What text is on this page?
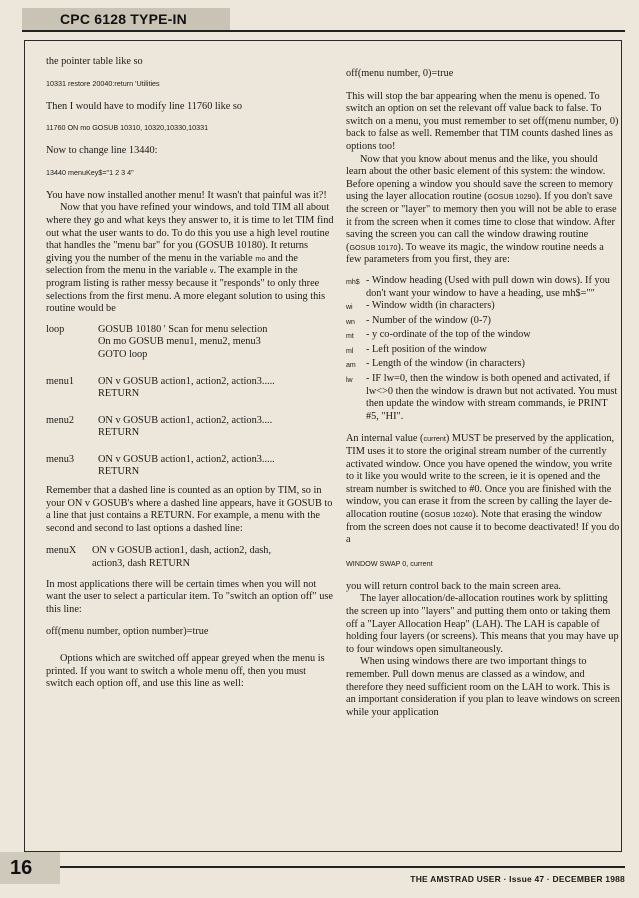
CPC 6128 TYPE-IN

the pointer table like so

10331 restore 20040:return 'Utilities

Then I would have to modify line 11760 like so

11760 ON mo GOSUB 10310, 10320,10330,10331

Now to change line 13440:

13440 menuKey$="1 2 3 4"

You have now installed another menu! It wasn't that painful was it?!

Now that you have refined your windows, and told TIM all about where they go and what keys they answer to, it is time to let TIM find out what the user wants to do. To do this you use a high level routine that handles the "menu bar" for you (GOSUB 10180). It returns giving you the number of the menu in the variable mo and the selection from the menu in the variable v. The example in the program listing is rather messy because it "responds" to only three selections from the first menu. A more elegant solution to using this routine would be

loop	GOSUB 10180 ' Scan for menu selection
On mo GOSUB menu1, menu2, menu3
GOTO loop

menu1	ON v GOSUB action1, action2, action3.....
RETURN

menu2	ON v GOSUB action1, action2, action3....
RETURN

menu3	ON v GOSUB action1, action2, action3.....
RETURN

Remember that a dashed line is counted as an option by TIM, so in your ON v GOSUB's where a dashed line appears, have it GOSUB to a line that just contains a RETURN. For example, a menu with the second and second to last options a dashed line:

menuX	ON v GOSUB action1, dash, action2, dash,
action3, dash RETURN

In most applications there will be certain times when you will not want the user to select a particular item. To "switch an option off" use this line:

off(menu number, option number)=true

Options which are switched off appear greyed when the menu is printed. If you want to switch a whole menu off, then you must switch each option off, and use this line as well:

off(menu number, 0)=true

This will stop the bar appearing when the menu is opened. To switch an option on set the relevant off value back to false. To switch on a menu, you must remember to set off(menu number, 0) back to false as well. Remember that TIM counts dashed lines as options too!

Now that you know about menus and the like, you should learn about the other basic element of this system: the window. Before opening a window you should save the screen to memory using the layer allocation routine (GOSUB 10290). If you don't save the screen or "layer" to memory then you will not be able to erase it from the screen when it comes time to close that window. After saving the screen you can call the window drawing routine (GOSUB 10170). To weave its magic, the window routine needs a few parameters from you first, they are:

mh$	- Window heading (Used with pull down win dows). If you don't want your window to have a heading, use mh$=""
wi	- Window width (in characters)
wn	- Number of the window (0-7)
mt	- y co-ordinate of the top of the window
ml	- Left position of the window
am	- Length of the window (in characters)
lw	- IF lw=0, then the window is both opened and activated, if lw<>0 then the window is drawn but not activated. You must then update the window with stream commands, ie PRINT #5, "HI".

An internal value (current) MUST be preserved by the application, TIM uses it to store the original stream number of the currently activated window. Once you have opened the window, you write to it like you would write to the screen, ie it is opened and the stream number is switched to #0. Once you are finished with the window, you can erase it from the screen by calling the layer de-allocation routine (GOSUB 10240). Note that erasing the window from the screen does not cause it to become deactivated! If you do a

WINDOW SWAP 0, current

you will return control back to the main screen area.

The layer allocation/de-allocation routines work by splitting the screen up into "layers" and putting them onto or taking them off a "Layer Allocation Heap" (LAH). The LAH is capable of holding four layers (or screens). This means that you may have up to four windows open simultaneously.

When using windows there are two important things to remember. Pull down menus are classed as a window, and therefore they need sufficient room on the LAH to work. This is an important consideration if you plan to leave windows on screen while your application

16	THE AMSTRAD USER · Issue 47 · DECEMBER 1988
